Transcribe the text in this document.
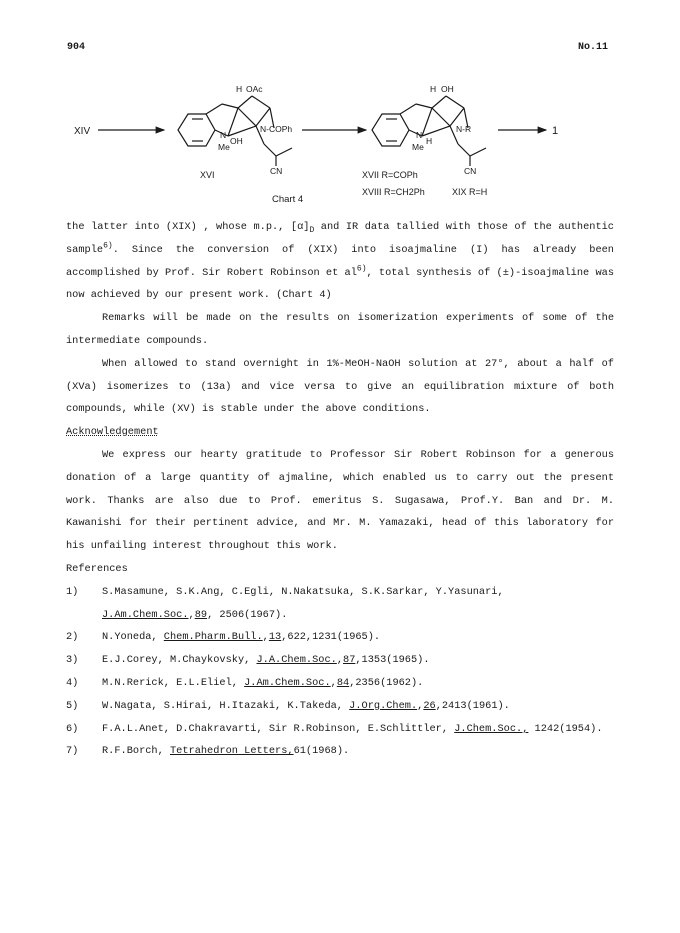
904	No.11
XIV	1
H OAc
N-COPh
N
Me
OH
CN
XVI
H OH
N-R
N
H
Me
CN
XVII R=COPh
XVIII R=CH2Ph	XIX R=H
Chart 4

the latter into (XIX) , whose m.p., $[\alpha]_D$ and IR data tallied with those of the authentic sample$^{6)}$. Since the conversion of (XIX) into isoajmaline (I) has already been accomplished by Prof. Sir Robert Robinson et $al^{6)}$, total synthesis of (±)-isoajmaline was now achieved by our present work. (Chart 4)

Remarks will be made on the results on isomerization experiments of some of the intermediate compounds.

When allowed to stand overnight in 1%-MeOH-NaOH solution at 27°, about a half of (XVa) isomerizes to (13a) and vice versa to give an equilibration mixture of both compounds, while (XV) is stable under the above conditions.

Acknowledgement

We express our hearty gratitude to Professor Sir Robert Robinson for a generous donation of a large quantity of ajmaline, which enabled us to carry out the present work. Thanks are also due to Prof. emeritus S. Sugasawa, Prof.Y. Ban and Dr. M. Kawanishi for their pertinent advice, and Mr. M. Yamazaki, head of this laboratory for his unfailing interest throughout this work.

References

1)	S.Masamune, S.K.Ang, C.Egli, N.Nakatsuka, S.K.Sarkar, Y.Yasunari, J.Am.Chem.Soc.,89, 2506(1967).
2)	N.Yoneda, Chem.Pharm.Bull.,13,622,1231(1965).
3)	E.J.Corey, M.Chaykovsky, J.A.Chem.Soc.,87,1353(1965).
4)	M.N.Rerick, E.L.Eliel, J.Am.Chem.Soc.,84,2356(1962).
5)	W.Nagata, S.Hirai, H.Itazaki, K.Takeda, J.Org.Chem.,26,2413(1961).
6)	F.A.L.Anet, D.Chakravarti, Sir R.Robinson, E.Schlittler, J.Chem.Soc., 1242(1954).
7)	R.F.Borch, Tetrahedron Letters,61(1968).
